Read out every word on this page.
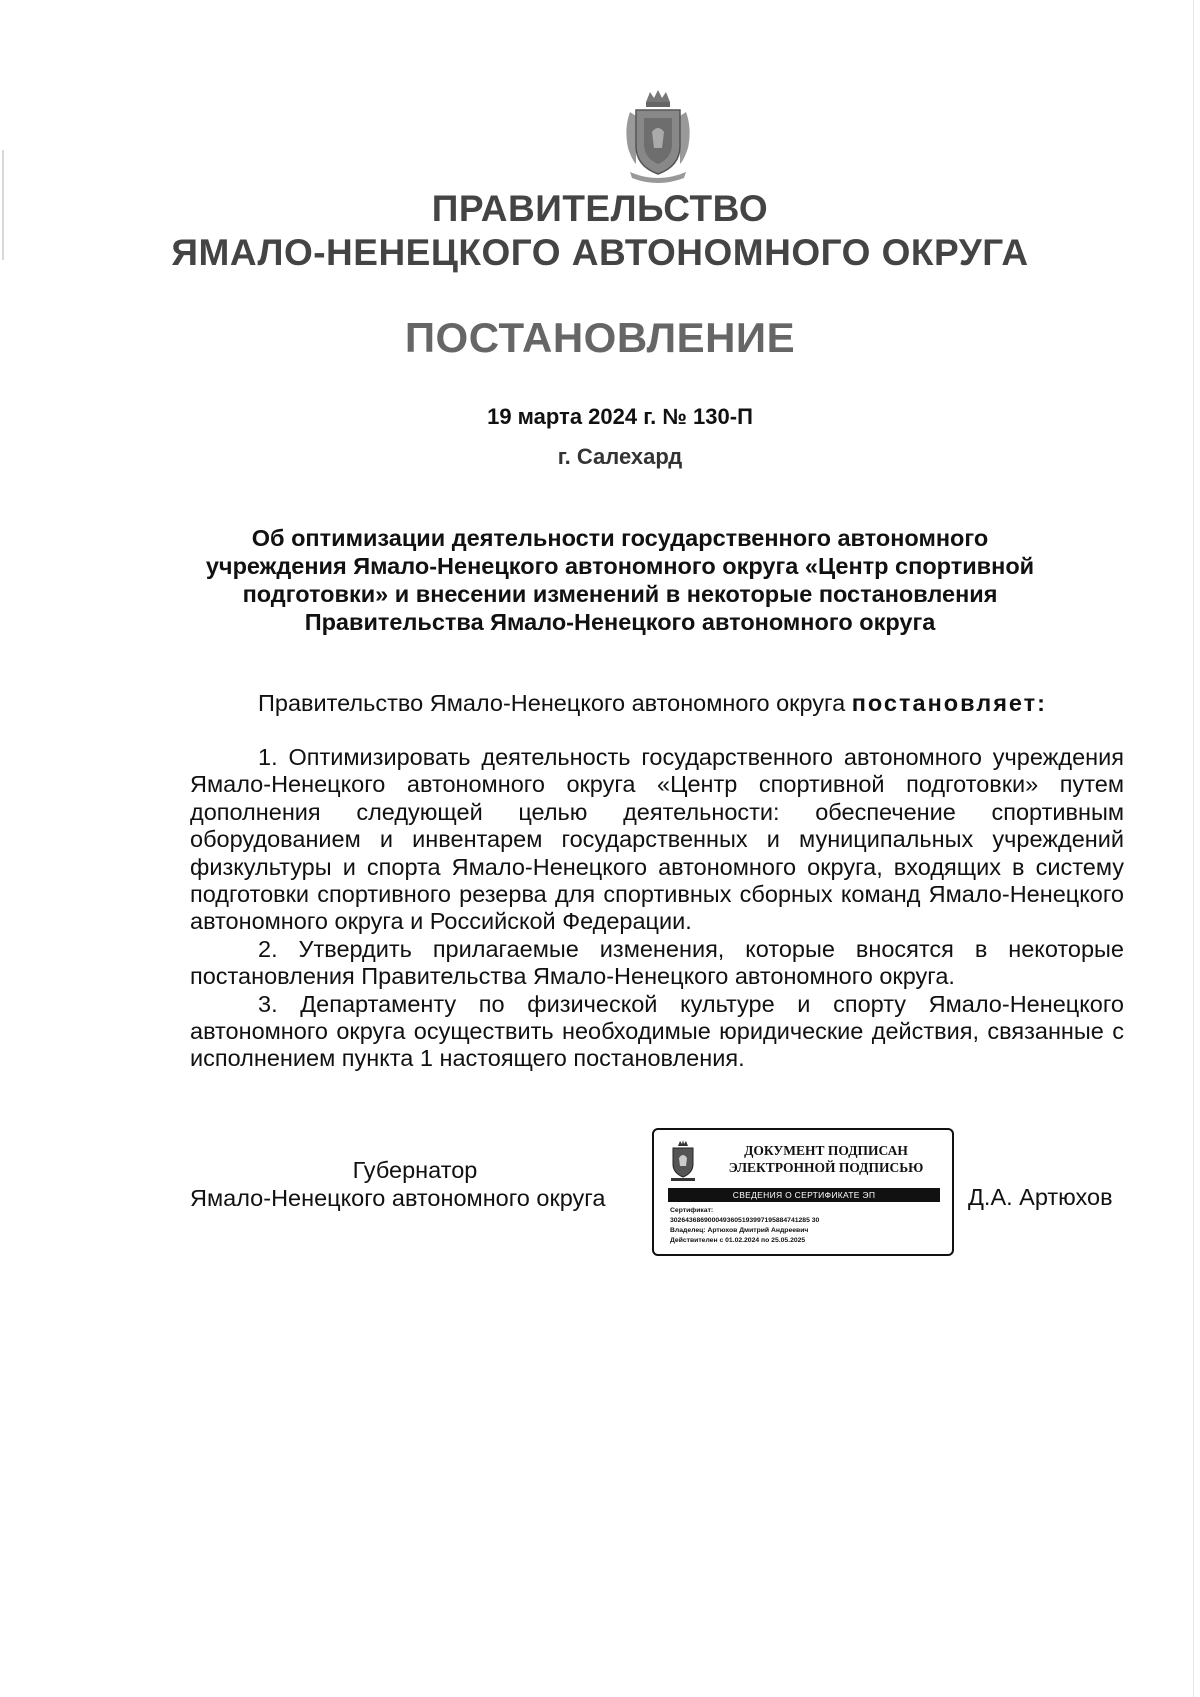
ПРАВИТЕЛЬСТВО
ЯМАЛО-НЕНЕЦКОГО АВТОНОМНОГО ОКРУГА
ПОСТАНОВЛЕНИЕ
19 марта 2024 г. № 130-П
г. Салехард
Об оптимизации деятельности государственного автономного учреждения Ямало-Ненецкого автономного округа «Центр спортивной подготовки» и внесении изменений в некоторые постановления Правительства Ямало-Ненецкого автономного округа
Правительство Ямало-Ненецкого автономного округа постановляет:

1. Оптимизировать деятельность государственного автономного учреждения Ямало-Ненецкого автономного округа «Центр спортивной подготовки» путем дополнения следующей целью деятельности: обеспечение спортивным оборудованием и инвентарем государственных и муниципальных учреждений физкультуры и спорта Ямало-Ненецкого автономного округа, входящих в систему подготовки спортивного резерва для спортивных сборных команд Ямало-Ненецкого автономного округа и Российской Федерации.

2. Утвердить прилагаемые изменения, которые вносятся в некоторые постановления Правительства Ямало-Ненецкого автономного округа.

3. Департаменту по физической культуре и спорту Ямало-Ненецкого автономного округа осуществить необходимые юридические действия, связанные с исполнением пункта 1 настоящего постановления.

Губернатор
Ямало-Ненецкого автономного округа
ДОКУМЕНТ ПОДПИСАН
ЭЛЕКТРОННОЙ ПОДПИСЬЮ
СВЕДЕНИЯ О СЕРТИФИКАТЕ ЭП
Сертификат:
3026436869000493605193997195884741285 30
Владелец: Артюхов Дмитрий Андреевич
Действителен с 01.02.2024 по 25.05.2025
Д.А. Артюхов
